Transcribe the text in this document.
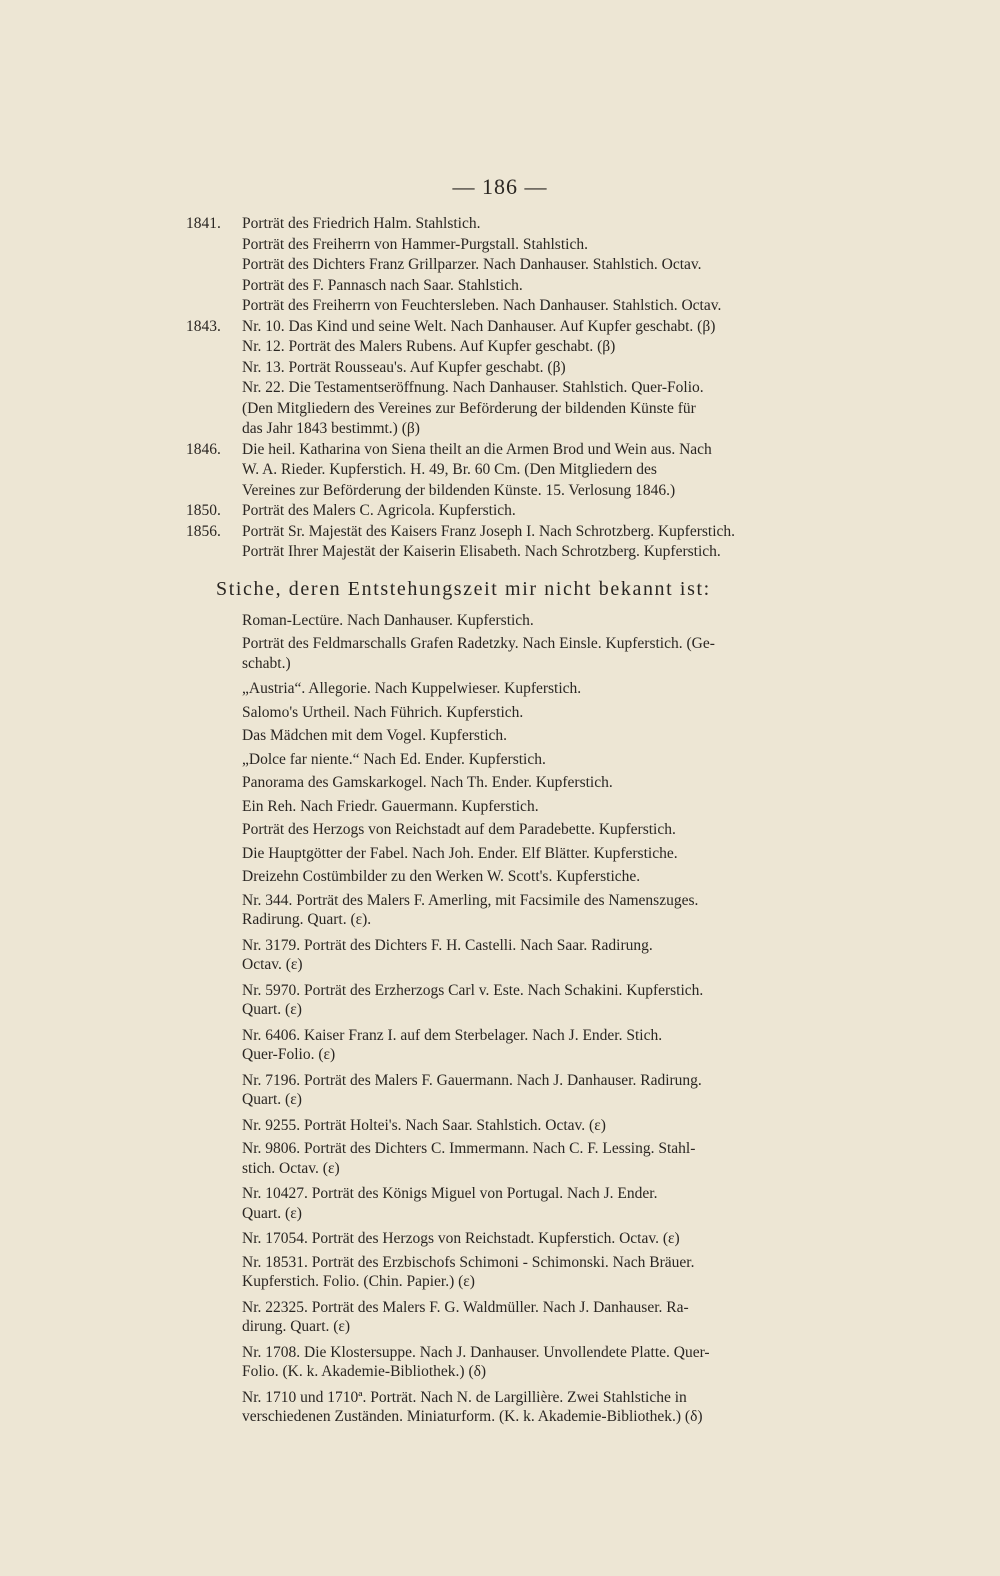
— 186 —
1841.	Porträt des Friedrich Halm. Stahlstich.
Porträt des Freiherrn von Hammer-Purgstall. Stahlstich.
Porträt des Dichters Franz Grillparzer. Nach Danhauser. Stahlstich. Octav.
Porträt des F. Pannasch nach Saar. Stahlstich.
Porträt des Freiherrn von Feuchtersleben. Nach Danhauser. Stahlstich. Octav.
1843.	Nr. 10. Das Kind und seine Welt. Nach Danhauser. Auf Kupfer geschabt. (β)
Nr. 12. Porträt des Malers Rubens. Auf Kupfer geschabt. (β)
Nr. 13. Porträt Rousseau's. Auf Kupfer geschabt. (β)
Nr. 22. Die Testamentseröffnung. Nach Danhauser. Stahlstich. Quer-Folio.
(Den Mitgliedern des Vereines zur Beförderung der bildenden Künste für
das Jahr 1843 bestimmt.) (β)
1846.	Die heil. Katharina von Siena theilt an die Armen Brod und Wein aus. Nach
W. A. Rieder. Kupferstich. H. 49, Br. 60 Cm. (Den Mitgliedern des
Vereines zur Beförderung der bildenden Künste. 15. Verlosung 1846.)
1850.	Porträt des Malers C. Agricola. Kupferstich.
1856.	Porträt Sr. Majestät des Kaisers Franz Joseph I. Nach Schrotzberg. Kupferstich.
Porträt Ihrer Majestät der Kaiserin Elisabeth. Nach Schrotzberg. Kupferstich.
Stiche, deren Entstehungszeit mir nicht bekannt ist:
Roman-Lectüre. Nach Danhauser. Kupferstich.
Porträt des Feldmarschalls Grafen Radetzky. Nach Einsle. Kupferstich. (Ge-
schabt.)
„Austria“. Allegorie. Nach Kuppelwieser. Kupferstich.
Salomo's Urtheil. Nach Führich. Kupferstich.
Das Mädchen mit dem Vogel. Kupferstich.
„Dolce far niente.“ Nach Ed. Ender. Kupferstich.
Panorama des Gamskarkogel. Nach Th. Ender. Kupferstich.
Ein Reh. Nach Friedr. Gauermann. Kupferstich.
Porträt des Herzogs von Reichstadt auf dem Paradebette. Kupferstich.
Die Hauptgötter der Fabel. Nach Joh. Ender. Elf Blätter. Kupferstiche.
Dreizehn Costümbilder zu den Werken W. Scott's. Kupferstiche.
Nr. 344. Porträt des Malers F. Amerling, mit Facsimile des Namenszuges.
Radirung. Quart. (ε).
Nr. 3179. Porträt des Dichters F. H. Castelli. Nach Saar. Radirung.
Octav. (ε)
Nr. 5970. Porträt des Erzherzogs Carl v. Este. Nach Schakini. Kupferstich.
Quart. (ε)
Nr. 6406. Kaiser Franz I. auf dem Sterbelager. Nach J. Ender. Stich.
Quer-Folio. (ε)
Nr. 7196. Porträt des Malers F. Gauermann. Nach J. Danhauser. Radirung.
Quart. (ε)
Nr. 9255. Porträt Holtei's. Nach Saar. Stahlstich. Octav. (ε)
Nr. 9806. Porträt des Dichters C. Immermann. Nach C. F. Lessing. Stahl-
stich. Octav. (ε)
Nr. 10427. Porträt des Königs Miguel von Portugal. Nach J. Ender.
Quart. (ε)
Nr. 17054. Porträt des Herzogs von Reichstadt. Kupferstich. Octav. (ε)
Nr. 18531. Porträt des Erzbischofs Schimoni - Schimonski. Nach Bräuer.
Kupferstich. Folio. (Chin. Papier.) (ε)
Nr. 22325. Porträt des Malers F. G. Waldmüller. Nach J. Danhauser. Ra-
dirung. Quart. (ε)
Nr. 1708. Die Klostersuppe. Nach J. Danhauser. Unvollendete Platte. Quer-
Folio. (K. k. Akademie-Bibliothek.) (δ)
Nr. 1710 und 1710ª. Porträt. Nach N. de Largillière. Zwei Stahlstiche in
verschiedenen Zuständen. Miniaturform. (K. k. Akademie-Bibliothek.) (δ)
